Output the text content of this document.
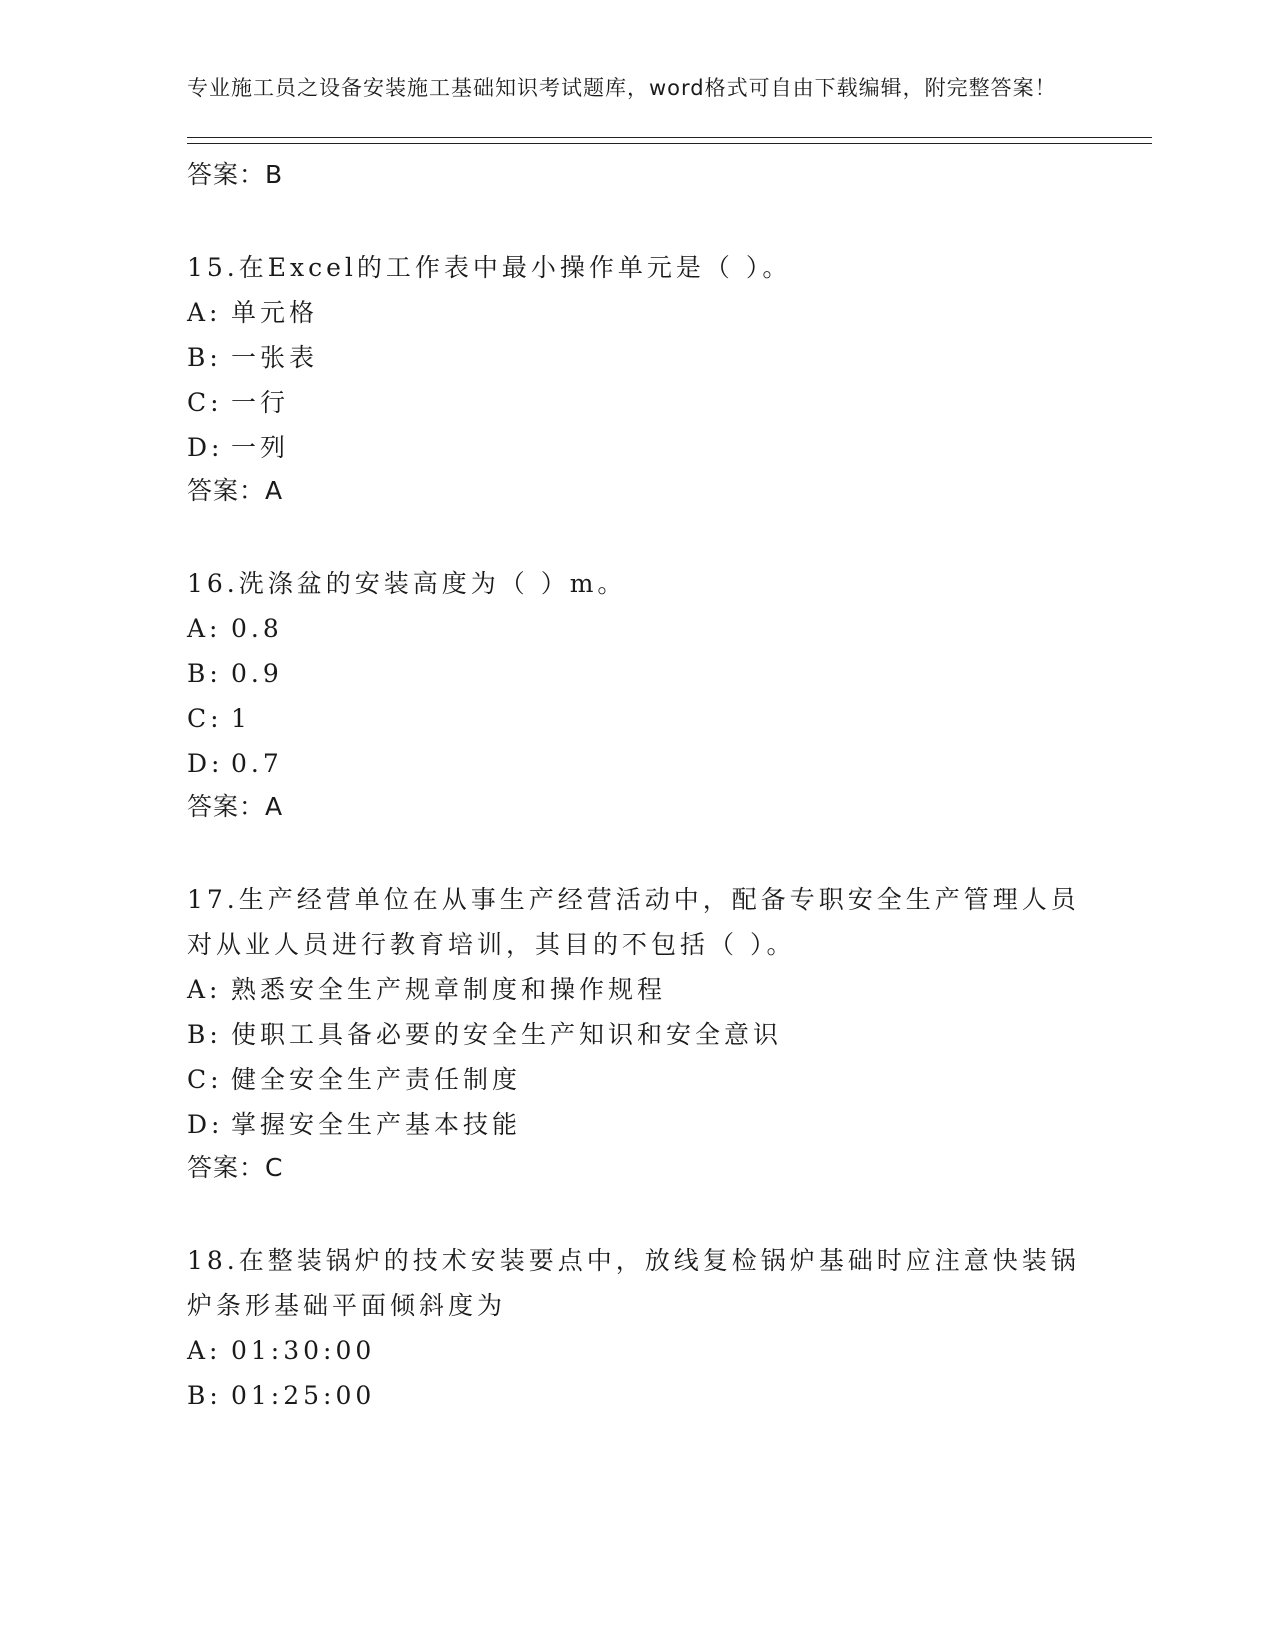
专业施工员之设备安装施工基础知识考试题库，word格式可自由下载编辑，附完整答案！

答案：B
15.在Excel的工作表中最小操作单元是（ ）。
A: 单元格
B: 一张表
C: 一行
D: 一列
答案：A
16.洗涤盆的安装高度为（ ）m。
A: 0.8
B: 0.9
C: 1
D: 0.7
答案：A
17.生产经营单位在从事生产经营活动中，配备专职安全生产管理人员对从业人员进行教育培训，其目的不包括（ ）。
A: 熟悉安全生产规章制度和操作规程
B: 使职工具备必要的安全生产知识和安全意识
C: 健全安全生产责任制度
D: 掌握安全生产基本技能
答案：C
18.在整装锅炉的技术安装要点中，放线复检锅炉基础时应注意快装锅炉条形基础平面倾斜度为
A: 01:30:00
B: 01:25:00
